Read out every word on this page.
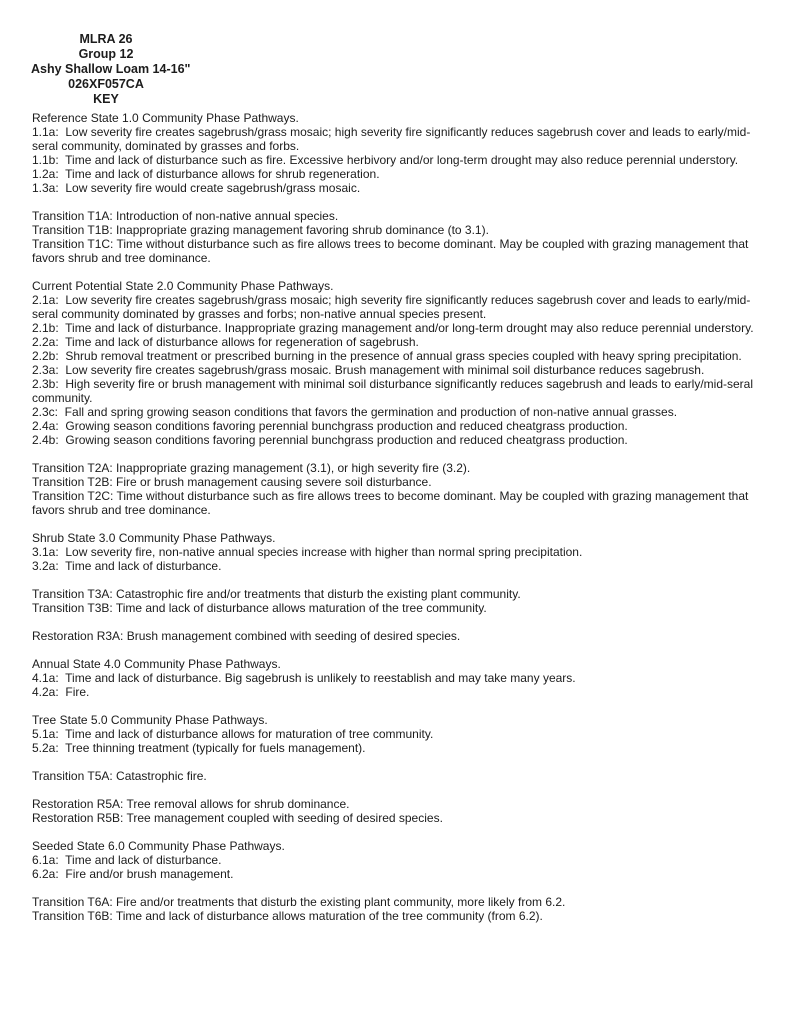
MLRA 26
Group 12
Ashy Shallow Loam 14-16"
026XF057CA
KEY
Reference State 1.0 Community Phase Pathways.
1.1a:  Low severity fire creates sagebrush/grass mosaic; high severity fire significantly reduces sagebrush cover and leads to early/mid-
seral community, dominated by grasses and forbs.
1.1b:  Time and lack of disturbance such as fire. Excessive herbivory and/or long-term drought may also reduce perennial understory.
1.2a:  Time and lack of disturbance allows for shrub regeneration.
1.3a:  Low severity fire would create sagebrush/grass mosaic.
Transition T1A: Introduction of non-native annual species.
Transition T1B: Inappropriate grazing management favoring shrub dominance (to 3.1).
Transition T1C: Time without disturbance such as fire allows trees to become dominant. May be coupled with grazing management that
favors shrub and tree dominance.
Current Potential State 2.0 Community Phase Pathways.
2.1a:  Low severity fire creates sagebrush/grass mosaic; high severity fire significantly reduces sagebrush cover and leads to early/mid-
seral community dominated by grasses and forbs; non-native annual species present.
2.1b:  Time and lack of disturbance. Inappropriate grazing management and/or long-term drought may also reduce perennial understory.
2.2a:  Time and lack of disturbance allows for regeneration of sagebrush.
2.2b:  Shrub removal treatment or prescribed burning in the presence of annual grass species coupled with heavy spring precipitation.
2.3a:  Low severity fire creates sagebrush/grass mosaic. Brush management with minimal soil disturbance reduces sagebrush.
2.3b:  High severity fire or brush management with minimal soil disturbance significantly reduces sagebrush and leads to early/mid-seral
community.
2.3c:  Fall and spring growing season conditions that favors the germination and production of non-native annual grasses.
2.4a:  Growing season conditions favoring perennial bunchgrass production and reduced cheatgrass production.
2.4b:  Growing season conditions favoring perennial bunchgrass production and reduced cheatgrass production.
Transition T2A: Inappropriate grazing management (3.1), or high severity fire (3.2).
Transition T2B: Fire or brush management causing severe soil disturbance.
Transition T2C: Time without disturbance such as fire allows trees to become dominant. May be coupled with grazing management that
favors shrub and tree dominance.
Shrub State 3.0 Community Phase Pathways.
3.1a:  Low severity fire, non-native annual species increase with higher than normal spring precipitation.
3.2a:  Time and lack of disturbance.
Transition T3A: Catastrophic fire and/or treatments that disturb the existing plant community.
Transition T3B: Time and lack of disturbance allows maturation of the tree community.
Restoration R3A: Brush management combined with seeding of desired species.
Annual State 4.0 Community Phase Pathways.
4.1a:  Time and lack of disturbance. Big sagebrush is unlikely to reestablish and may take many years.
4.2a:  Fire.
Tree State 5.0 Community Phase Pathways.
5.1a:  Time and lack of disturbance allows for maturation of tree community.
5.2a:  Tree thinning treatment (typically for fuels management).
Transition T5A: Catastrophic fire.
Restoration R5A: Tree removal allows for shrub dominance.
Restoration R5B: Tree management coupled with seeding of desired species.
Seeded State 6.0 Community Phase Pathways.
6.1a:  Time and lack of disturbance.
6.2a:  Fire and/or brush management.
Transition T6A: Fire and/or treatments that disturb the existing plant community, more likely from 6.2.
Transition T6B: Time and lack of disturbance allows maturation of the tree community (from 6.2).
